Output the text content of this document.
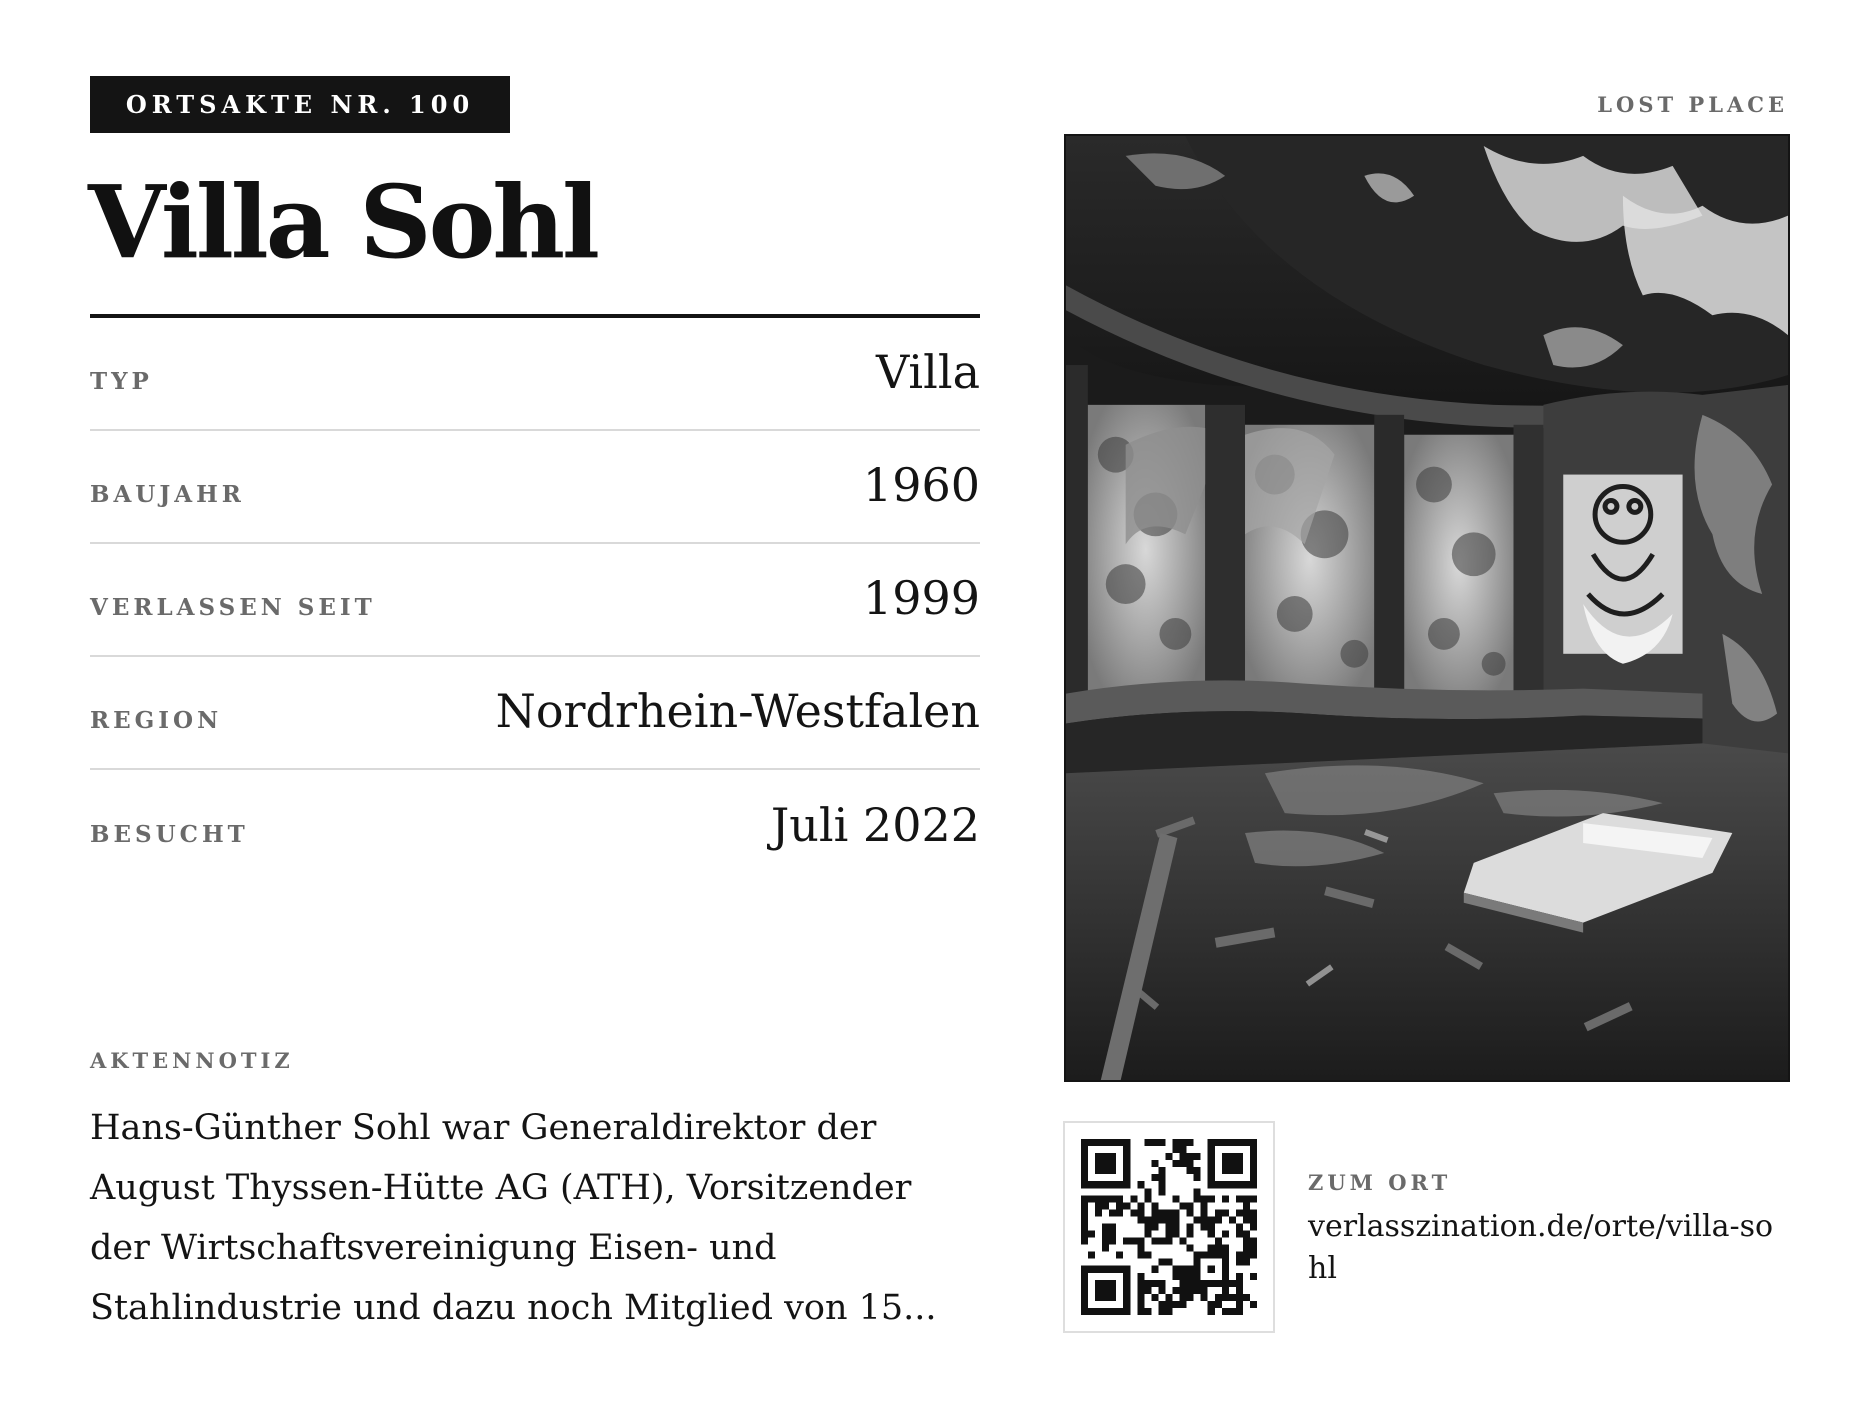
ORTSAKTE NR. 100	LOST PLACE
Villa Sohl
TYP	Villa
BAUJAHR	1960
VERLASSEN SEIT	1999
REGION	Nordrhein-Westfalen
BESUCHT	Juli 2022
AKTENNOTIZ

Hans-Günther Sohl war Generaldirektor der August Thyssen-Hütte AG (ATH), Vorsitzender der Wirtschaftsvereinigung Eisen- und Stahlindustrie und dazu noch Mitglied von 15...

ZUM ORT

verlasszination.de/orte/villa-sohl
